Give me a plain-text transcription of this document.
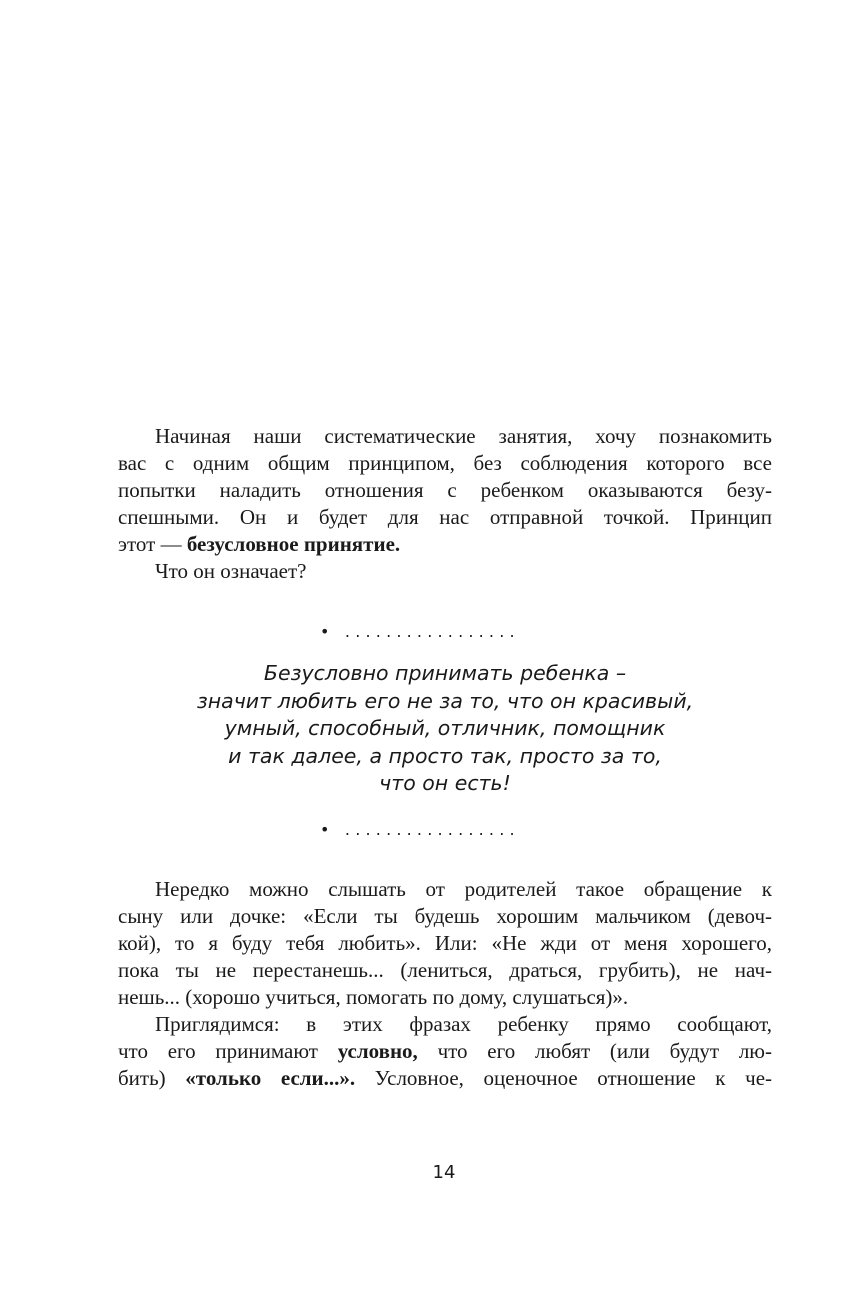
Начиная наши систематические занятия, хочу познакомить
вас с одним общим принципом, без соблюдения которого все
попытки наладить отношения с ребенком оказываются безу-
спешными. Он и будет для нас отправной точкой. Принцип
этот — безусловное принятие.
Что он означает?
• .................
Безусловно принимать ребенка –
значит любить его не за то, что он красивый,
умный, способный, отличник, помощник
и так далее, а просто так, просто за то,
что он есть!
• .................
Нередко можно слышать от родителей такое обращение к
сыну или дочке: «Если ты будешь хорошим мальчиком (девоч-
кой), то я буду тебя любить». Или: «Не жди от меня хорошего,
пока ты не перестанешь... (лениться, драться, грубить), не нач-
нешь... (хорошо учиться, помогать по дому, слушаться)».
Приглядимся: в этих фразах ребенку прямо сообщают,
что его принимают условно, что его любят (или будут лю-
бить) «только если...». Условное, оценочное отношение к че-
14
